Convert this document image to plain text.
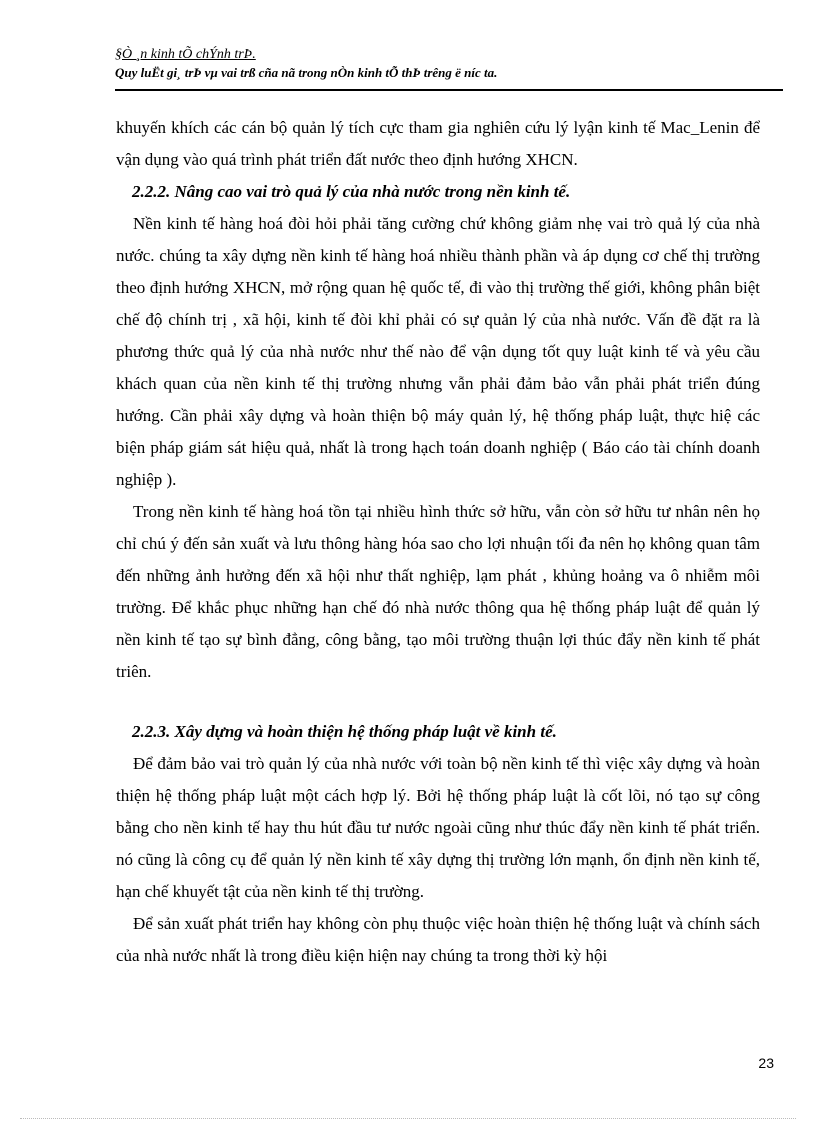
§Ò ¸n kinh tÕ chÝnh trÞ.
Quy luËt gi¸ trÞ vµ vai trß cña nã trong nÒn kinh tÕ thÞ trêng ë níc ta.

khuyến khích các cán bộ quản lý tích cực tham gia nghiên cứu lý lyận kinh tế Mac_Lenin để vận dụng vào quá trình phát triển đất nước theo định hướng XHCN.

2.2.2. Nâng cao vai trò quả lý của nhà nước trong nền kinh tế.

Nền kinh tế hàng hoá đòi hỏi phải tăng cường chứ không giảm nhẹ vai trò quả lý của nhà nước. chúng ta xây dựng nền kinh tế hàng hoá nhiều thành phần và áp dụng cơ chế thị trường theo định hướng XHCN, mở rộng quan hệ quốc tế, đi vào thị trường thế giới, không phân biệt chế độ chính trị , xã hội, kinh tế đòi khỉ phải có sự quản lý của nhà nước. Vấn đề đặt ra là phương thức quả lý của nhà nước như thế nào để vận dụng tốt quy luật kinh tế và yêu cầu khách quan của nền kinh tế thị trường nhưng vẫn phải đảm bảo vẫn phải phát triển đúng hướng. Cần phải xây dựng và hoàn thiện bộ máy quản lý, hệ thống pháp luật, thực hiệ các biện pháp giám sát hiệu quả, nhất là trong hạch toán doanh nghiệp ( Báo cáo tài chính doanh nghiệp ).

Trong nền kinh tế hàng hoá tồn tại nhiều hình thức sở hữu, vẫn còn sở hữu tư nhân nên họ chỉ chú ý đến sản xuất và lưu thông hàng hóa sao cho lợi nhuận tối đa nên họ không quan tâm đến những ảnh hưởng đến xã hội như thất nghiệp, lạm phát , khủng hoảng va ô nhiễm môi trường. Để khắc phục những hạn chế đó nhà nước thông qua hệ thống pháp luật để quản lý nền kinh tế tạo sự bình đẳng, công bằng, tạo môi trường thuận lợi thúc đẩy nền kinh tế phát triên.

2.2.3. Xây dựng và hoàn thiện hệ thống pháp luật về kinh tế.

Để đảm bảo vai trò quản lý của nhà nước với toàn bộ nền kinh tế thì việc xây dựng và hoàn thiện hệ thống pháp luật một cách hợp lý. Bởi hệ thống pháp luật là cốt lõi, nó tạo sự công bằng cho nền kinh tế hay thu hút đầu tư nước ngoài cũng như thúc đẩy nền kinh tế phát triển. nó cũng là công cụ để quản lý nền kinh tế xây dựng thị trường lớn mạnh, ổn định nền kinh tế, hạn chế khuyết tật của nền kinh tế thị trường.

Để sản xuất phát triển hay không còn phụ thuộc việc hoàn thiện hệ thống luật và chính sách của nhà nước nhất là trong điều kiện hiện nay chúng ta trong thời kỳ hội

23
